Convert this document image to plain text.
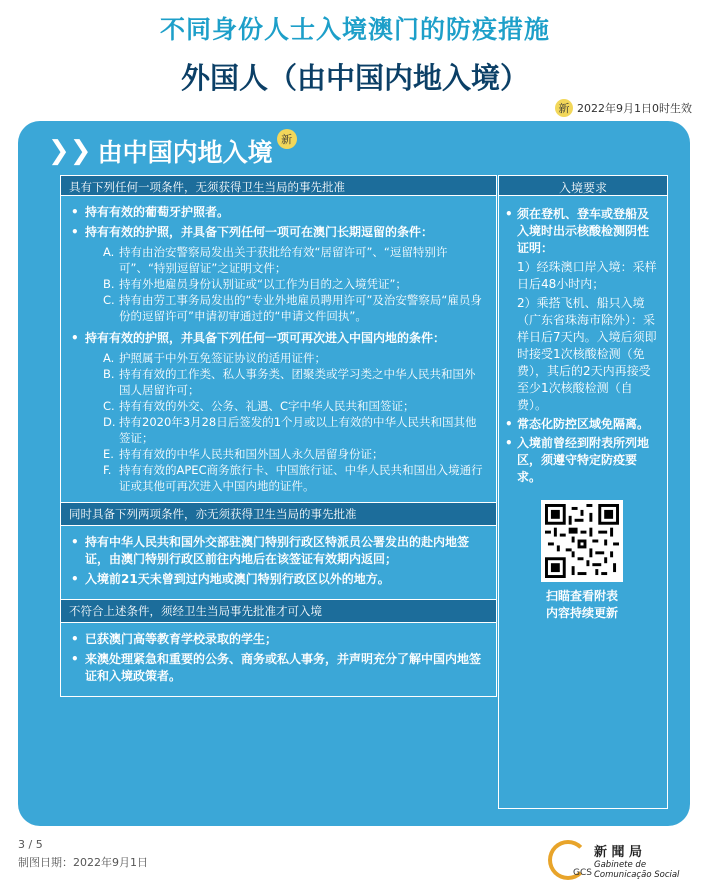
不同身份人士入境澳门的防疫措施
外国人（由中国内地入境）
新 2022年9月1日0时生效
❯❯ 由中国内地入境 新
具有下列任何一项条件，无须获得卫生当局的事先批准
• 持有有效的葡萄牙护照者。
• 持有有效的护照，并具备下列任何一项可在澳门长期逗留的条件：
A. 持有由治安警察局发出关于获批给有效“居留许可”、“逗留特别许可”、“特别逗留证”之证明文件；
B. 持有外地雇员身份认别证或“以工作为目的之入境凭证”；
C. 持有由劳工事务局发出的“专业外地雇员聘用许可”及治安警察局“雇员身份的逗留许可”申请初审通过的“申请文件回执”。
• 持有有效的护照，并具备下列任何一项可再次进入中国内地的条件：
A. 护照属于中外互免签证协议的适用证件；
B. 持有有效的工作类、私人事务类、团聚类或学习类之中华人民共和国外国人居留许可；
C. 持有有效的外交、公务、礼遇、C字中华人民共和国签证；
D. 持有2020年3月28日后签发的1个月或以上有效的中华人民共和国其他签证；
E. 持有有效的中华人民共和国外国人永久居留身份证；
F. 持有有效的APEC商务旅行卡、中国旅行证、中华人民共和国出入境通行证或其他可再次进入中国内地的证件。
同时具备下列两项条件，亦无须获得卫生当局的事先批准
• 持有中华人民共和国外交部驻澳门特别行政区特派员公署发出的赴内地签证，由澳门特别行政区前往内地后在该签证有效期内返回；
• 入境前21天未曾到过内地或澳门特别行政区以外的地方。
不符合上述条件，须经卫生当局事先批准才可入境
• 已获澳门高等教育学校录取的学生；
• 来澳处理紧急和重要的公务、商务或私人事务，并声明充分了解中国内地签证和入境政策者。
入境要求
• 须在登机、登车或登船及入境时出示核酸检测阴性证明：
1）经珠澳口岸入境：采样日后48小时内；
2）乘搭飞机、船只入境（广东省珠海市除外）：采样日后7天内。入境后须即时接受1次核酸检测（免费），其后的2天内再接受至少1次核酸检测（自费）。
• 常态化防控区域免隔离。
• 入境前曾经到附表所列地区，须遵守特定防疫要求。
扫瞄查看附表
内容持续更新
3 / 5
制图日期：2022年9月1日
GCS
新 聞 局
Gabinete de
Comunicação Social
